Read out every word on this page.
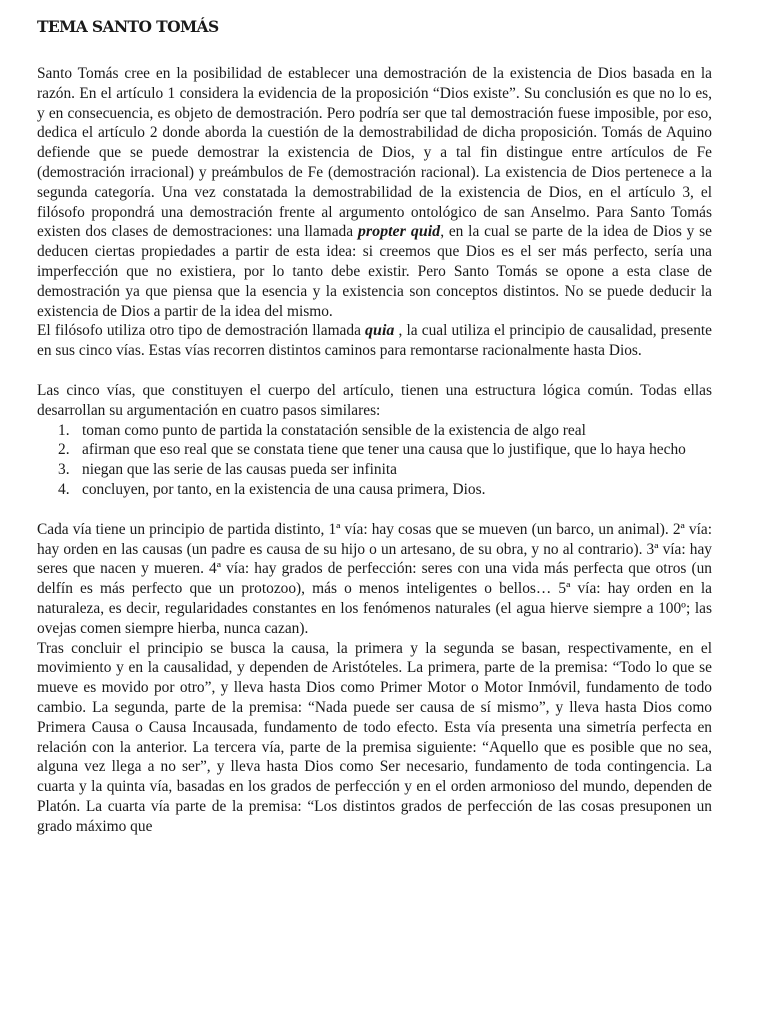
TEMA SANTO TOMÁS

Santo Tomás cree en la posibilidad de establecer una demostración de la existencia de Dios basada en la razón. En el artículo 1 considera la evidencia de la proposición “Dios existe”. Su conclusión es que no lo es, y en consecuencia, es objeto de demostración. Pero podría ser que tal demostración fuese imposible, por eso, dedica el artículo 2 donde aborda la cuestión de la demostrabilidad de dicha proposición. Tomás de Aquino defiende que se puede demostrar la existencia de Dios, y a tal fin distingue entre artículos de Fe (demostración irracional) y preámbulos de Fe (demostración racional). La existencia de Dios pertenece a la segunda categoría. Una vez constatada la demostrabilidad de la existencia de Dios, en el artículo 3, el filósofo propondrá una demostración frente al argumento ontológico de san Anselmo. Para Santo Tomás existen dos clases de demostraciones: una llamada propter quid, en la cual se parte de la idea de Dios y se deducen ciertas propiedades a partir de esta idea: si creemos que Dios es el ser más perfecto, sería una imperfección que no existiera, por lo tanto debe existir. Pero Santo Tomás se opone a esta clase de demostración ya que piensa que la esencia y la existencia son conceptos distintos. No se puede deducir la existencia de Dios a partir de la idea del mismo.

El filósofo utiliza otro tipo de demostración llamada quia , la cual utiliza el principio de causalidad, presente en sus cinco vías. Estas vías recorren distintos caminos para remontarse racionalmente hasta Dios.

Las cinco vías, que constituyen el cuerpo del artículo, tienen una estructura lógica común. Todas ellas desarrollan su argumentación en cuatro pasos similares:

1. toman como punto de partida la constatación sensible de la existencia de algo real
2. afirman que eso real que se constata tiene que tener una causa que lo justifique, que lo haya hecho
3. niegan que las serie de las causas pueda ser infinita
4. concluyen, por tanto, en la existencia de una causa primera, Dios.

Cada vía tiene un principio de partida distinto, 1ª vía: hay cosas que se mueven (un barco, un animal). 2ª vía: hay orden en las causas (un padre es causa de su hijo o un artesano, de su obra, y no al contrario). 3ª vía: hay seres que nacen y mueren. 4ª vía: hay grados de perfección: seres con una vida más perfecta que otros (un delfín es más perfecto que un protozoo), más o menos inteligentes o bellos… 5ª vía: hay orden en la naturaleza, es decir, regularidades constantes en los fenómenos naturales (el agua hierve siempre a 100º; las ovejas comen siempre hierba, nunca cazan).

Tras concluir el principio se busca la causa, la primera y la segunda se basan, respectivamente, en el movimiento y en la causalidad, y dependen de Aristóteles. La primera, parte de la premisa: “Todo lo que se mueve es movido por otro”, y lleva hasta Dios como Primer Motor o Motor Inmóvil, fundamento de todo cambio. La segunda, parte de la premisa: “Nada puede ser causa de sí mismo”, y lleva hasta Dios como Primera Causa o Causa Incausada, fundamento de todo efecto. Esta vía presenta una simetría perfecta en relación con la anterior. La tercera vía, parte de la premisa siguiente: “Aquello que es posible que no sea, alguna vez llega a no ser”, y lleva hasta Dios como Ser necesario, fundamento de toda contingencia. La cuarta y la quinta vía, basadas en los grados de perfección y en el orden armonioso del mundo, dependen de Platón. La cuarta vía parte de la premisa: “Los distintos grados de perfección de las cosas presuponen un grado máximo que
